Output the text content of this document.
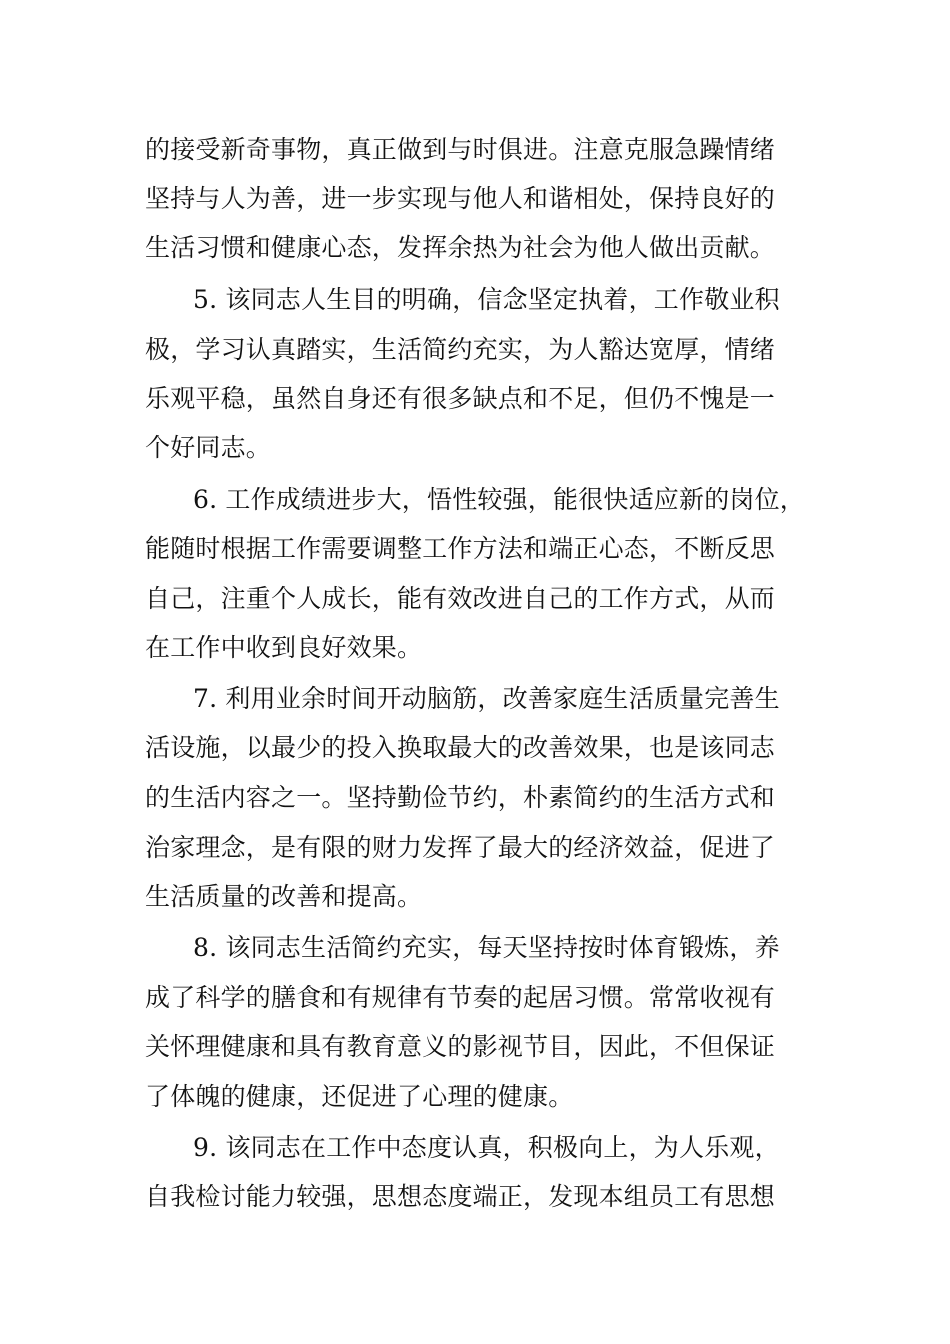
的接受新奇事物，真正做到与时俱进。注意克服急躁情绪
坚持与人为善，进一步实现与他人和谐相处，保持良好的
生活习惯和健康心态，发挥余热为社会为他人做出贡献。
5. 该同志人生目的明确，信念坚定执着，工作敬业积
极，学习认真踏实，生活简约充实，为人豁达宽厚，情绪
乐观平稳，虽然自身还有很多缺点和不足，但仍不愧是一
个好同志。
6. 工作成绩进步大，悟性较强，能很快适应新的岗位，
能随时根据工作需要调整工作方法和端正心态，不断反思
自己，注重个人成长，能有效改进自己的工作方式，从而
在工作中收到良好效果。
7. 利用业余时间开动脑筋，改善家庭生活质量完善生
活设施，以最少的投入换取最大的改善效果，也是该同志
的生活内容之一。坚持勤俭节约，朴素简约的生活方式和
治家理念，是有限的财力发挥了最大的经济效益，促进了
生活质量的改善和提高。
8. 该同志生活简约充实，每天坚持按时体育锻炼，养
成了科学的膳食和有规律有节奏的起居习惯。常常收视有
关怀理健康和具有教育意义的影视节目，因此，不但保证
了体魄的健康，还促进了心理的健康。
9. 该同志在工作中态度认真，积极向上，为人乐观，
自我检讨能力较强，思想态度端正，发现本组员工有思想
